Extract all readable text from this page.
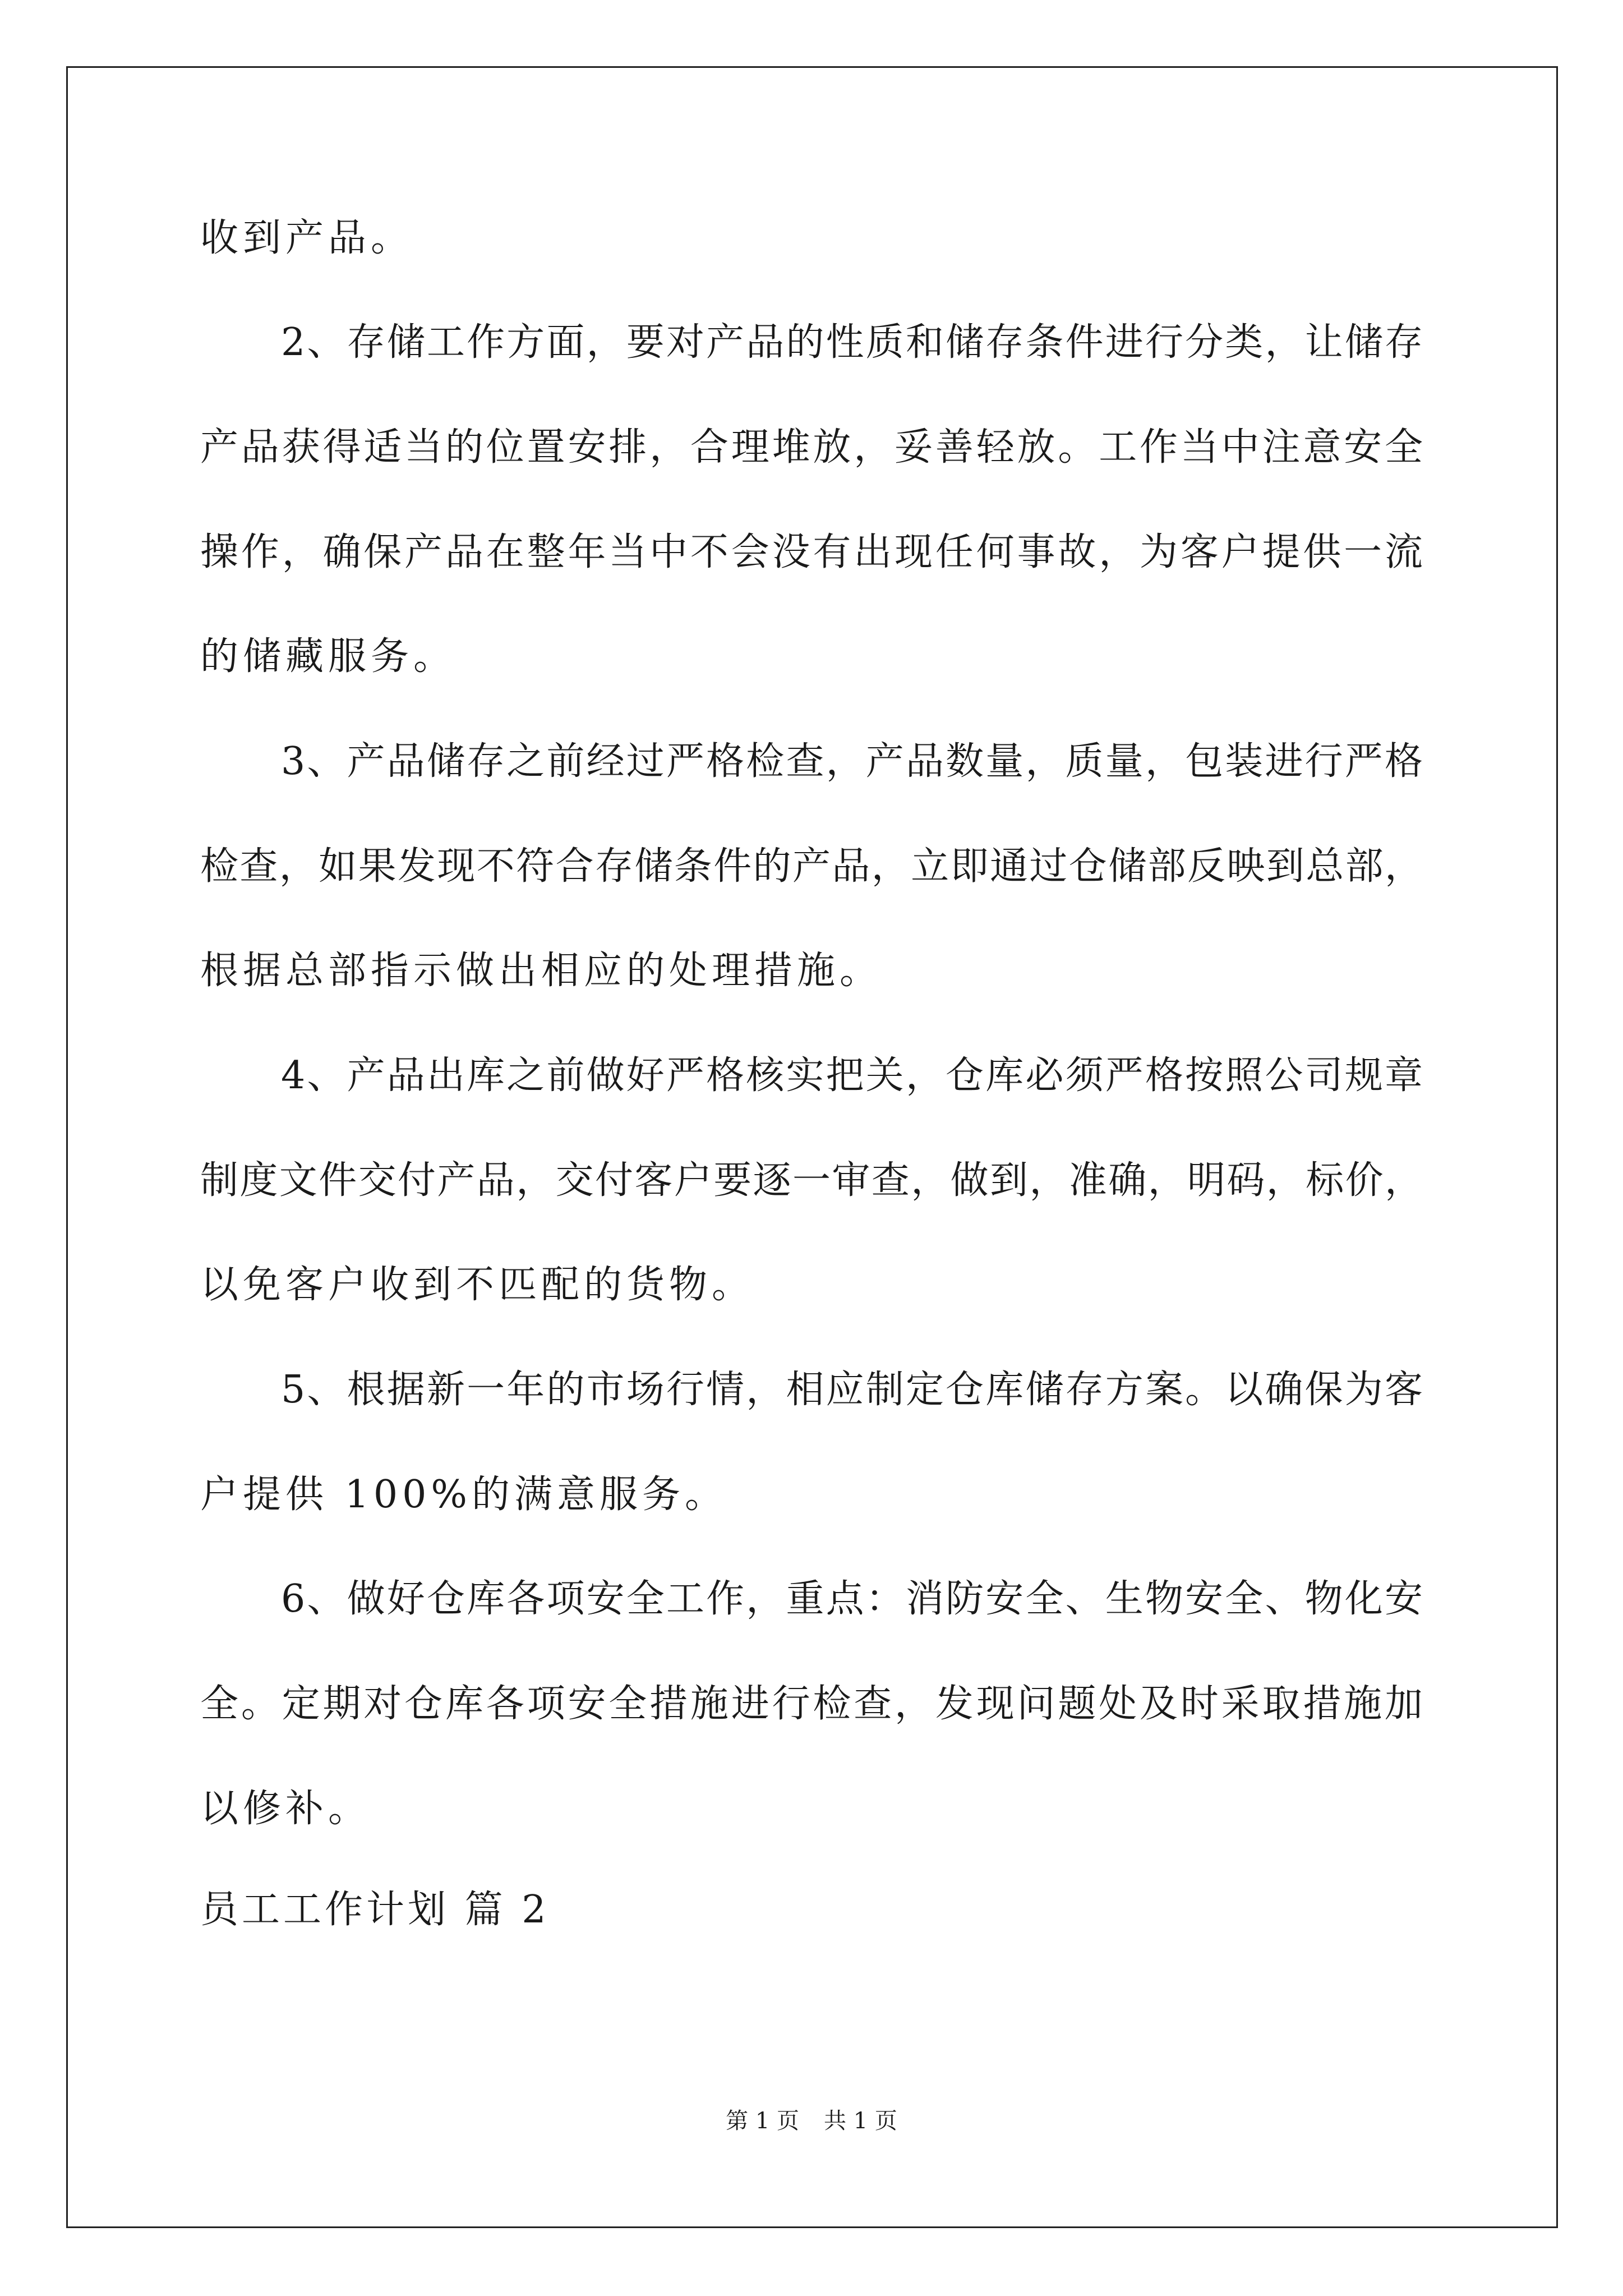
收到产品。
2、存储工作方面，要对产品的性质和储存条件进行分类，让储存
产品获得适当的位置安排，合理堆放，妥善轻放。工作当中注意安全
操作，确保产品在整年当中不会没有出现任何事故，为客户提供一流
的储藏服务。
3、产品储存之前经过严格检查，产品数量，质量，包装进行严格
检查，如果发现不符合存储条件的产品，立即通过仓储部反映到总部，
根据总部指示做出相应的处理措施。
4、产品出库之前做好严格核实把关，仓库必须严格按照公司规章
制度文件交付产品，交付客户要逐一审查，做到，准确，明码，标价，
以免客户收到不匹配的货物。
5、根据新一年的市场行情，相应制定仓库储存方案。以确保为客
户提供 100%的满意服务。
6、做好仓库各项安全工作，重点：消防安全、生物安全、物化安
全。定期对仓库各项安全措施进行检查，发现问题处及时采取措施加
以修补。
员工工作计划 篇 2
第 1 页 共 1 页
